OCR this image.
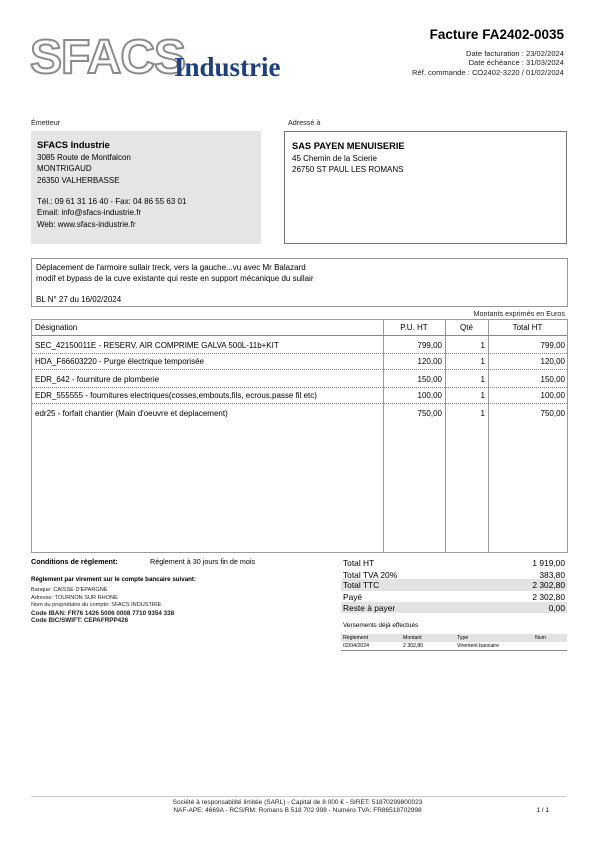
SFACS
Industrie
Facture FA2402-0035
Date facturation : 23/02/2024
Date échéance : 31/03/2024
Réf. commande : CO2402-3220 / 01/02/2024
Émetteur	Adressé à
SFACS Industrie
3085 Route de Montfalcon
MONTRIGAUD
26350 VALHERBASSE
Tél.: 09 61 31 16 40 - Fax: 04 86 55 63 01
Email: info@sfacs-industrie.fr
Web: www.sfacs-industrie.fr
SAS PAYEN MENUISERIE
45 Chemin de la Scierie
26750 ST PAUL LES ROMANS
Déplacement de l'armoire sullair treck, vers la gauche...vu avec Mr Balazard
modif et bypass de la cuve existante qui reste en support mécanique du sullair
BL N° 27 du 16/02/2024
Montants exprimés en Euros
Désignation	P.U. HT	Qté	Total HT
SEC_42150011E - RESERV. AIR COMPRIME GALVA 500L-11b+KIT	799,00	1	799,00
HDA_F66603220 - Purge électrique temporisée	120,00	1	120,00
EDR_642 - fourniture de plomberie	150,00	1	150,00
EDR_555555 - fournitures electriques(cosses,embouts,fils, ecrous,passe fil etc)	100,00	1	100,00
edr25 - forfait chantier (Main d'oeuvre et deplacement)	750,00	1	750,00
Conditions de règlement:	Règlement à 30 jours fin de mois
Règlement par virement sur le compte bancaire suivant:
Banque: CAISSE D'EPARGNE
Adresse: TOURNON SUR RHONE
Nom du propriétaire du compte: SFACS INDUSTRIE
Code IBAN: FR76 1426 5006 0008 7710 9354 338
Code BIC/SWIFT: CEPAFRPP426
Total HT	1 919,00
Total TVA 20%	383,80
Total TTC	2 302,80
Payé	2 302,80
Reste à payer	0,00
Versements déjà effectués
Règlement	Montant	Type	Num
02/04/2024	2 302,80	Virement bancaire
Société à responsabilité limitée (SARL) - Capital de 8 000 € - SIRET: 51870299800023
NAF-APE: 4669A - RCS/RM: Romans B 518 702 998 - Numéro TVA: FR86518702998	1 / 1
